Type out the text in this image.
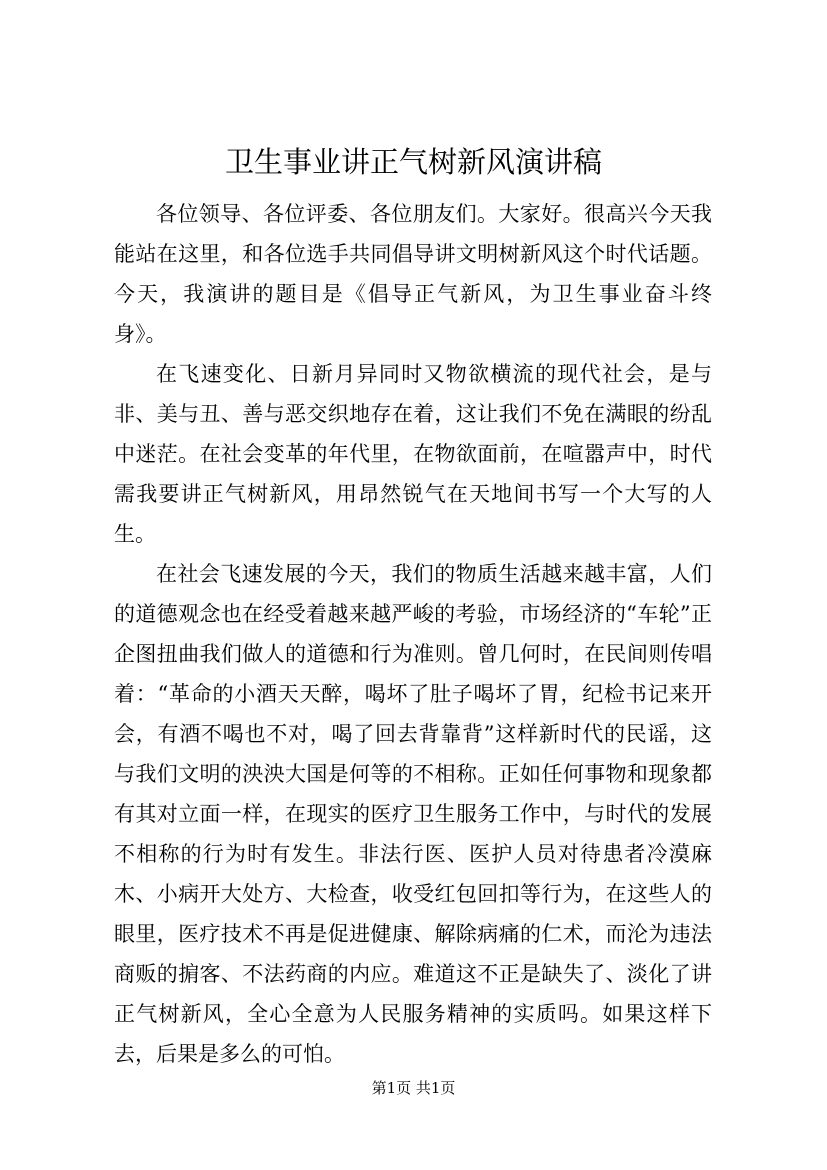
卫生事业讲正气树新风演讲稿

各位领导、各位评委、各位朋友们。大家好。很高兴今天我能站在这里，和各位选手共同倡导讲文明树新风这个时代话题。今天，我演讲的题目是《倡导正气新风，为卫生事业奋斗终身》。

在飞速变化、日新月异同时又物欲横流的现代社会，是与非、美与丑、善与恶交织地存在着，这让我们不免在满眼的纷乱中迷茫。在社会变革的年代里，在物欲面前，在喧嚣声中，时代需我要讲正气树新风，用昂然锐气在天地间书写一个大写的人生。

在社会飞速发展的今天，我们的物质生活越来越丰富，人们的道德观念也在经受着越来越严峻的考验，市场经济的“车轮”正企图扭曲我们做人的道德和行为准则。曾几何时，在民间则传唱着：“革命的小酒天天醉，喝坏了肚子喝坏了胃，纪检书记来开会，有酒不喝也不对，喝了回去背靠背”这样新时代的民谣，这与我们文明的泱泱大国是何等的不相称。正如任何事物和现象都有其对立面一样，在现实的医疗卫生服务工作中，与时代的发展不相称的行为时有发生。非法行医、医护人员对待患者冷漠麻木、小病开大处方、大检查，收受红包回扣等行为，在这些人的眼里，医疗技术不再是促进健康、解除病痛的仁术，而沦为违法商贩的掮客、不法药商的内应。难道这不正是缺失了、淡化了讲正气树新风，全心全意为人民服务精神的实质吗。如果这样下去，后果是多么的可怕。

第1页 共1页
